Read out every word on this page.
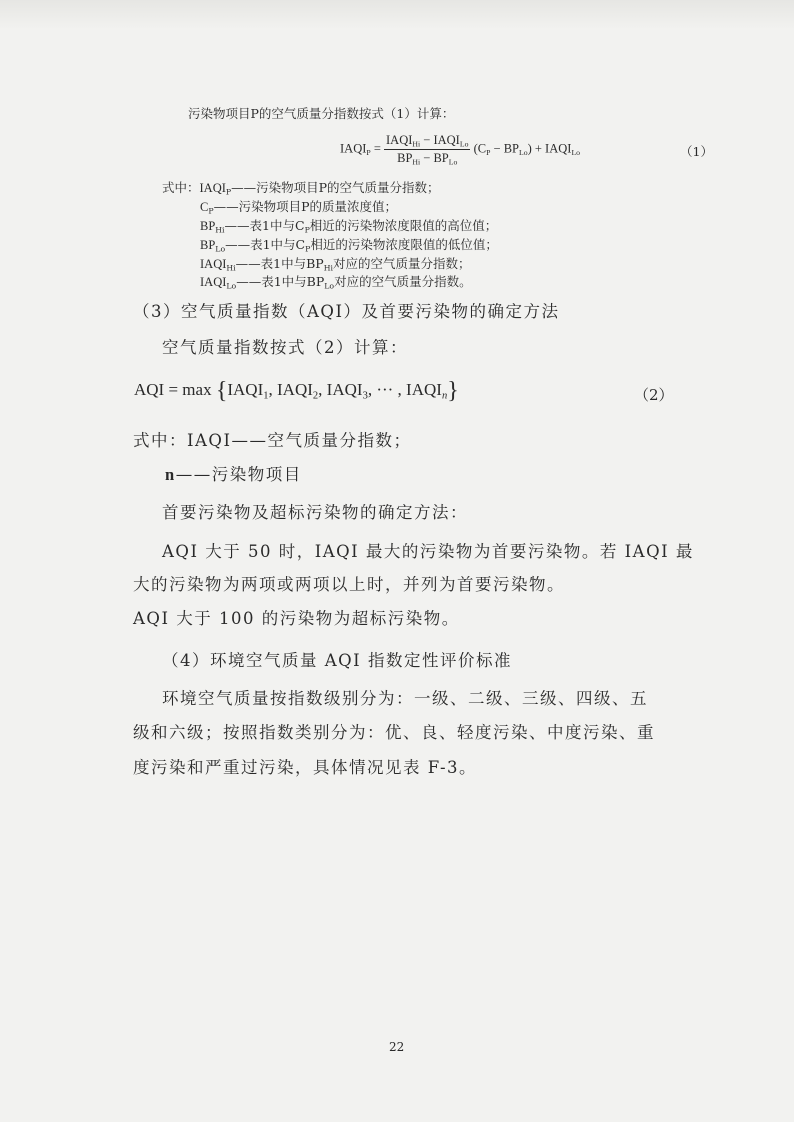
污染物项目P的空气质量分指数按式（1）计算：
$IAQI_P = \frac{IAQI_{Hi} - IAQI_{Lo}}{BP_{Hi} - BP_{Lo}} (C_P - BP_{Lo})$ + $IAQI_{Lo}$	（1）
式中：$IAQI_P——$污染物项目P的空气质量分指数；
$C_P——$污染物项目P的质量浓度值；
$BP_{Hi}——$表1中与$C_P$相近的污染物浓度限值的高位值；
$BP_{Lo}——$表1中与$C_P$相近的污染物浓度限值的低位值；
$IAQI_{Hi}——$表1中与$BP_{Hi}$对应的空气质量分指数；
$IAQI_{Lo}——$表1中与$BP_{Lo}$对应的空气质量分指数。
（3）空气质量指数（AQI）及首要污染物的确定方法
空气质量指数按式（2）计算：
AQI = $\max \{IAQI_1$, $IAQI_2$, $IAQI_3$, ··· , $IAQI_n$}	（2）
式中：IAQI——空气质量分指数；
n——污染物项目
首要污染物及超标污染物的确定方法：
AQI 大于 50 时，IAQI 最大的污染物为首要污染物。若 IAQI 最
大的污染物为两项或两项以上时，并列为首要污染物。
AQI 大于 100 的污染物为超标污染物。
（4）环境空气质量 AQI 指数定性评价标准
环境空气质量按指数级别分为：一级、二级、三级、四级、五
级和六级；按照指数类别分为：优、良、轻度污染、中度污染、重
度污染和严重过污染，具体情况见表 F-3。
22
